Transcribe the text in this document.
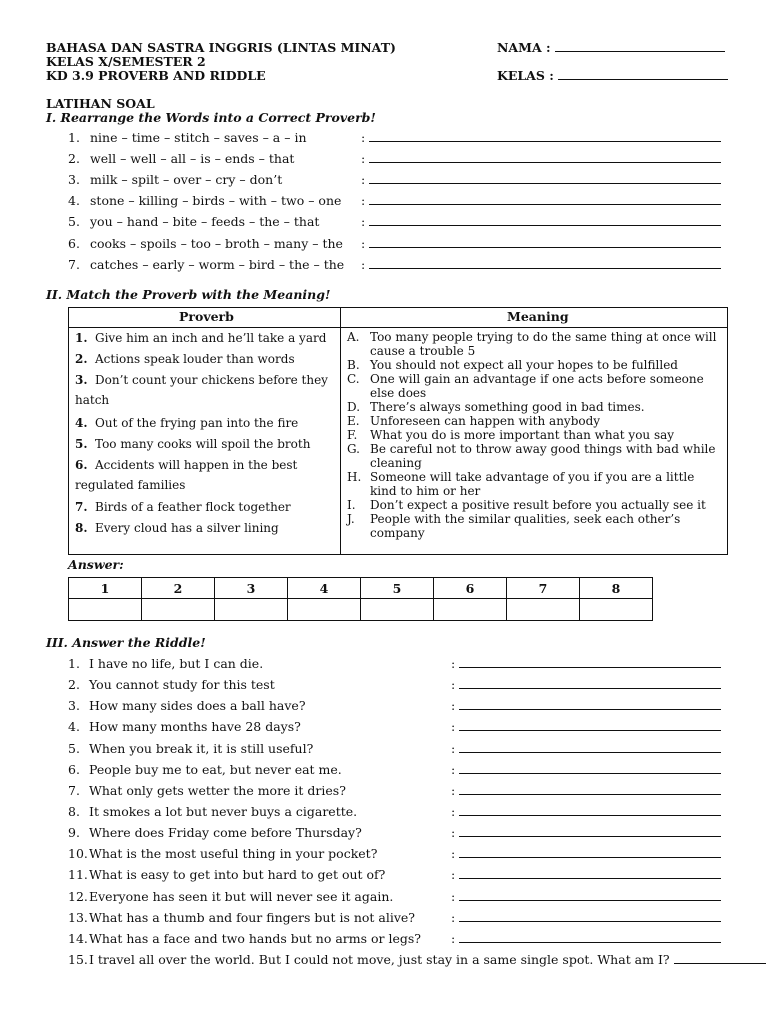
BAHASA DAN SASTRA INGGRIS (LINTAS MINAT)
KELAS X/SEMESTER 2
KD 3.9 PROVERB AND RIDDLE
NAMA :
KELAS :
LATIHAN SOAL
I. Rearrange the Words into a Correct Proverb!
1. nine – time – stitch – saves – a – in
2. well – well – all – is – ends – that
3. milk – spilt – over – cry – don’t
4. stone – killing – birds – with – two – one
5. you – hand – bite – feeds – the – that
6. cooks – spoils – too – broth – many – the
7. catches – early – worm – bird – the – the
:
:
:
:
:
:
:
II. Match the Proverb with the Meaning!
Proverb	Meaning
1. Give him an inch and he’ll take a yard
2. Actions speak louder than words
3. Don’t count your chickens before they hatch
4. Out of the frying pan into the fire
5. Too many cooks will spoil the broth
6. Accidents will happen in the best regulated families
7. Birds of a feather flock together
8. Every cloud has a silver lining
A. Too many people trying to do the same thing at once will cause a trouble 5
B. You should not expect all your hopes to be fulfilled
C. One will gain an advantage if one acts before someone else does
D. There’s always something good in bad times.
E. Unforeseen can happen with anybody
F.	What you do is more important than what you say
G. Be careful not to throw away good things with bad while cleaning
H. Someone will take advantage of you if you are a little kind to him or her
I.	Don’t expect a positive result before you actually see it
J.	People with the similar qualities, seek each other’s company
Answer:
1	2	3	4	5	6	7	8

III. Answer the Riddle!
1. I have no life, but I can die.
2. You cannot study for this test
3. How many sides does a ball have?
4. How many months have 28 days?
5. When you break it, it is still useful?
6. People buy me to eat, but never eat me.
7. What only gets wetter the more it dries?
8. It smokes a lot but never buys a cigarette.
9. Where does Friday come before Thursday?
10.What is the most useful thing in your pocket?
11.What is easy to get into but hard to get out of?
12.Everyone has seen it but will never see it again.
13.What has a thumb and four fingers but is not alive?
14.What has a face and two hands but no arms or legs?
15.I travel all over the world. But I could not move, just stay in a same single spot. What am I?
:
:
:
:
:
:
:
:
:
:
:
:
:
:
